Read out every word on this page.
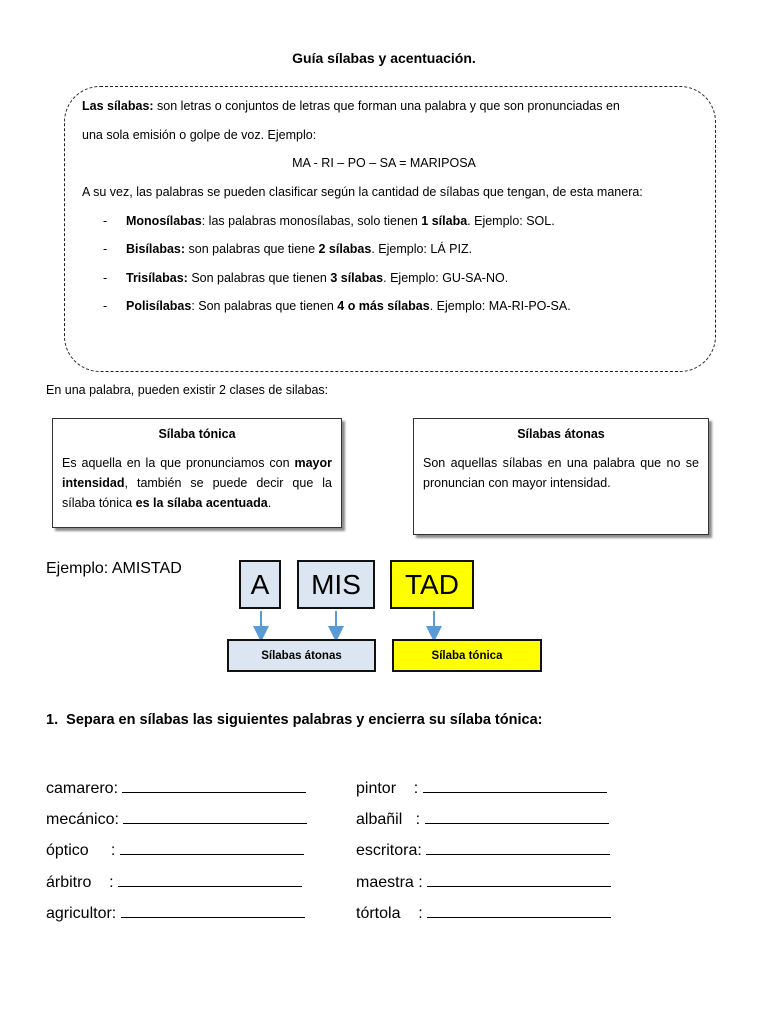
Guía sílabas y acentuación.
Las sílabas: son letras o conjuntos de letras que forman una palabra y que son pronunciadas en
una sola emisión o golpe de voz. Ejemplo:
MA - RI – PO – SA = MARIPOSA
A su vez, las palabras se pueden clasificar según la cantidad de sílabas que tengan, de esta manera:
- Monosílabas: las palabras monosílabas, solo tienen 1 sílaba. Ejemplo: SOL.
- Bisílabas: son palabras que tiene 2 sílabas. Ejemplo: LÁ PIZ.
- Trisílabas: Son palabras que tienen 3 sílabas. Ejemplo: GU-SA-NO.
- Polisílabas: Son palabras que tienen 4 o más sílabas. Ejemplo: MA-RI-PO-SA.
En una palabra, pueden existir 2 clases de silabas:
Sílaba tónica

Es aquella en la que pronunciamos con mayor intensidad, también se puede decir que la sílaba tónica es la sílaba acentuada.

Sílabas átonas

Son aquellas sílabas en una palabra que no se pronuncian con mayor intensidad.

Ejemplo: AMISTAD	A	MIS	TAD
Sílabas átonas	Sílaba tónica
1. Separa en sílabas las siguientes palabras y encierra su sílaba tónica:
camarero:
mecánico:
óptico     :
árbitro    :
agricultor:
pintor    :
albañil   :
escritora:
maestra :
tórtola    :
